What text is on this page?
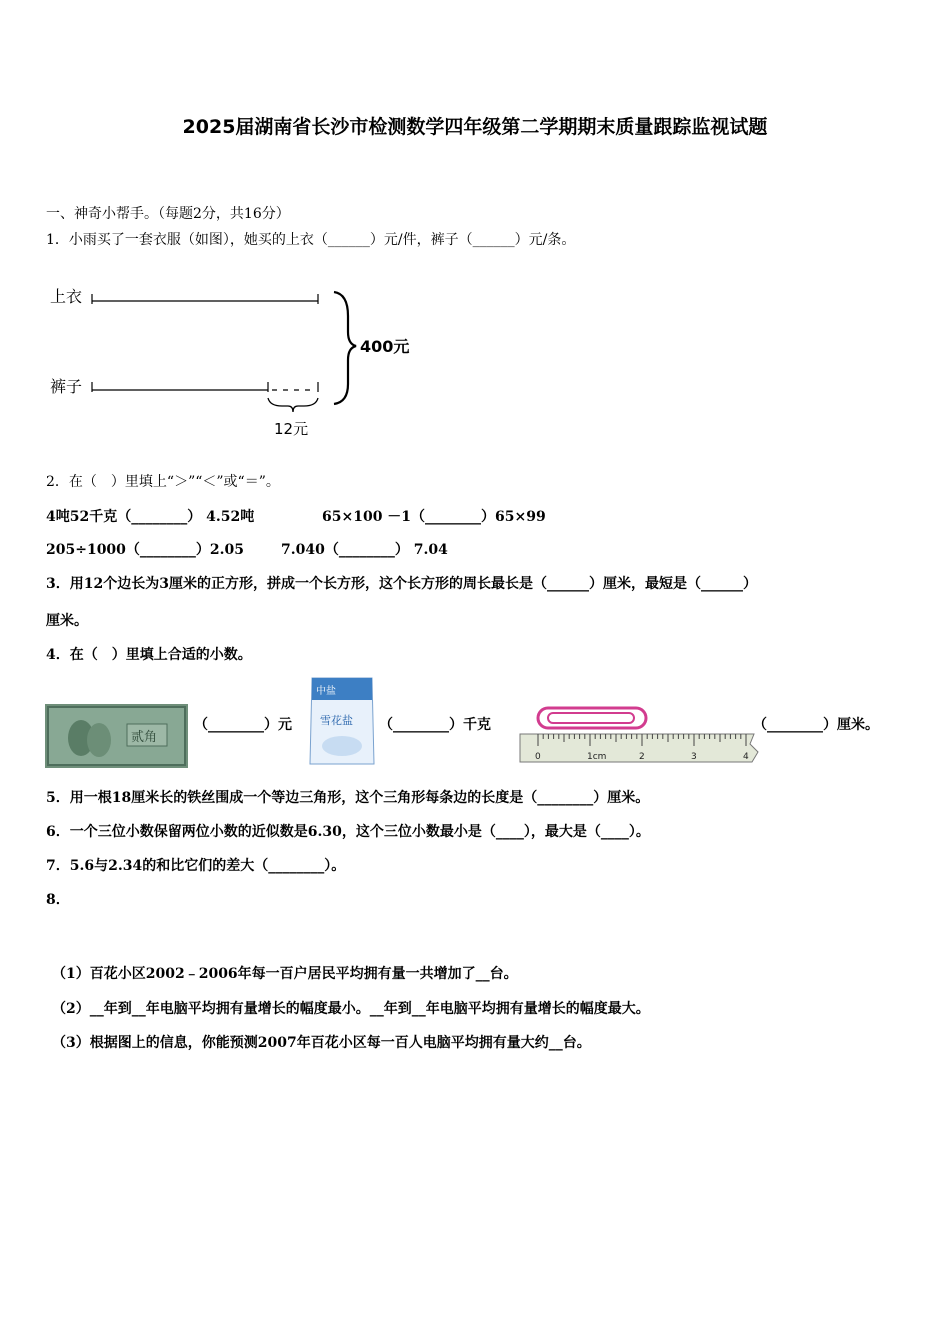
2025届湖南省长沙市检测数学四年级第二学期期末质量跟踪监视试题
一、神奇小帮手。（每题2分，共16分）
1．小雨买了一套衣服（如图），她买的上衣（______）元/件，裤子（______）元/条。
上衣
裤子
12元
400元
2．在（　）里填上“＞”“＜”或“＝”。
4吨52千克（________） 4.52吨	65×100 －1（________）65×99
205÷1000（________）2.05	7.040（________） 7.04
3．用12个边长为3厘米的正方形，拼成一个长方形，这个长方形的周长最长是（______）厘米，最短是（______）
厘米。
4．在（　）里填上合适的小数。
贰角
（________）元
中盐
雪花盐 （________）千克
0	1cm	2	3	4
（________）厘米。
5．用一根18厘米长的铁丝围成一个等边三角形，这个三角形每条边的长度是（________）厘米。
6．一个三位小数保留两位小数的近似数是6.30，这个三位小数最小是（____），最大是（____）。
7．5.6与2.34的和比它们的差大（________）。
8．
（1）百花小区2002﹣2006年每一百户居民平均拥有量一共增加了__台。
（2）__年到__年电脑平均拥有量增长的幅度最小。__年到__年电脑平均拥有量增长的幅度最大。
（3）根据图上的信息，你能预测2007年百花小区每一百人电脑平均拥有量大约__台。
